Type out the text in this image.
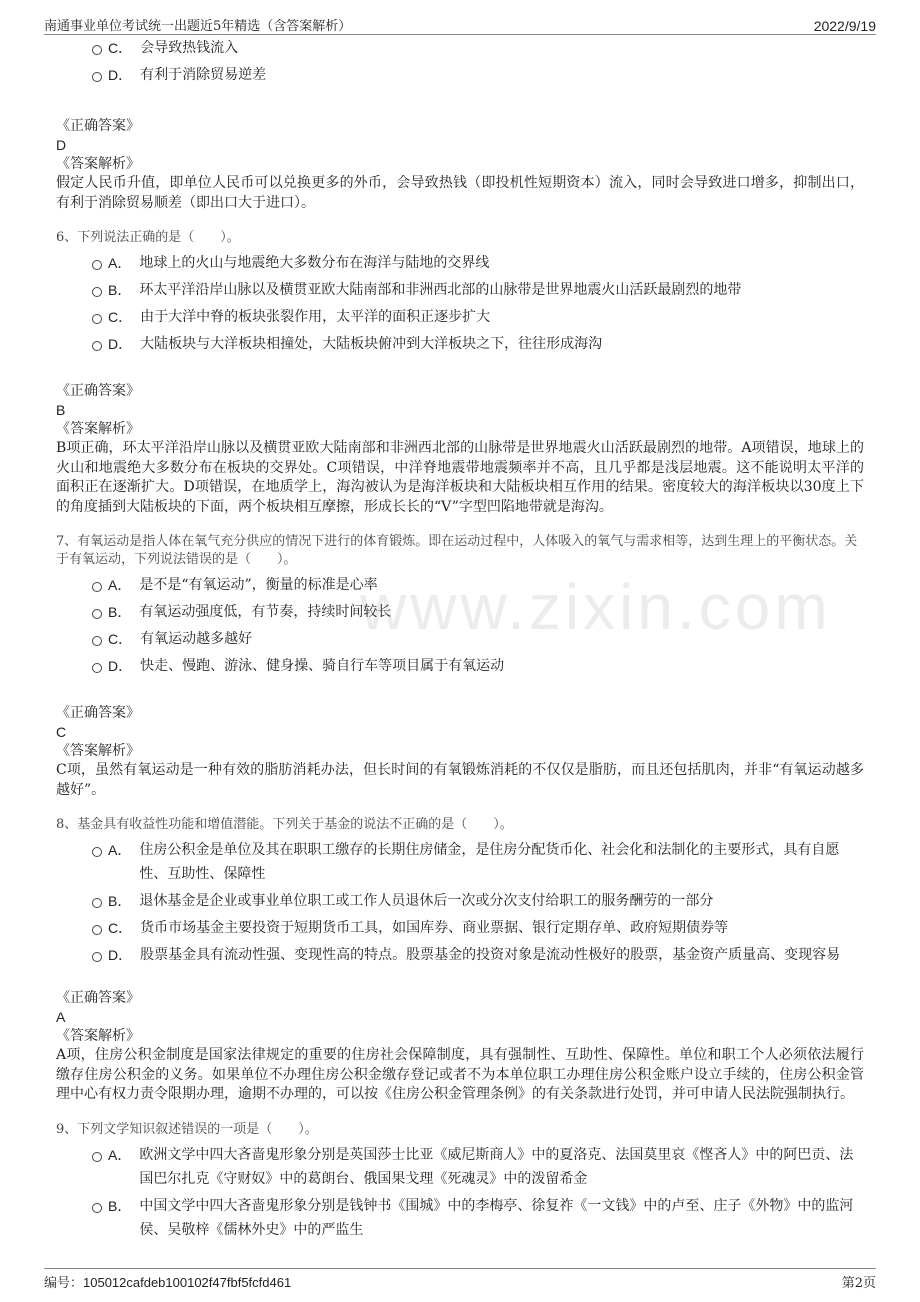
南通事业单位考试统一出题近5年精选（含答案解析）	2022/9/19
www.zixin.com
C． 会导致热钱流入
D． 有利于消除贸易逆差
《正确答案》
D
《答案解析》
假定人民币升值，即单位人民币可以兑换更多的外币，会导致热钱（即投机性短期资本）流入，同时会导致进口增多，抑制出口，有利于消除贸易顺差（即出口大于进口）。
6、下列说法正确的是（　　）。
A． 地球上的火山与地震绝大多数分布在海洋与陆地的交界线
B． 环太平洋沿岸山脉以及横贯亚欧大陆南部和非洲西北部的山脉带是世界地震火山活跃最剧烈的地带
C． 由于大洋中脊的板块张裂作用，太平洋的面积正逐步扩大
D． 大陆板块与大洋板块相撞处，大陆板块俯冲到大洋板块之下，往往形成海沟
《正确答案》
B
《答案解析》
B项正确，环太平洋沿岸山脉以及横贯亚欧大陆南部和非洲西北部的山脉带是世界地震火山活跃最剧烈的地带。A项错误，地球上的火山和地震绝大多数分布在板块的交界处。C项错误，中洋脊地震带地震频率并不高，且几乎都是浅层地震。这不能说明太平洋的面积正在逐渐扩大。D项错误，在地质学上，海沟被认为是海洋板块和大陆板块相互作用的结果。密度较大的海洋板块以30度上下的角度插到大陆板块的下面，两个板块相互摩擦，形成长长的“V”字型凹陷地带就是海沟。
7、有氧运动是指人体在氧气充分供应的情况下进行的体育锻炼。即在运动过程中，人体吸入的氧气与需求相等，达到生理上的平衡状态。关于有氧运动，下列说法错误的是（　　）。
A． 是不是“有氧运动”，衡量的标准是心率
B． 有氧运动强度低，有节奏，持续时间较长
C． 有氧运动越多越好
D． 快走、慢跑、游泳、健身操、骑自行车等项目属于有氧运动
《正确答案》
C
《答案解析》
C项，虽然有氧运动是一种有效的脂肪消耗办法，但长时间的有氧锻炼消耗的不仅仅是脂肪，而且还包括肌肉，并非“有氧运动越多越好”。
8、基金具有收益性功能和增值潜能。下列关于基金的说法不正确的是（　　）。
A． 住房公积金是单位及其在职职工缴存的长期住房储金，是住房分配货币化、社会化和法制化的主要形式，具有自愿性、互助性、保障性
B． 退休基金是企业或事业单位职工或工作人员退休后一次或分次支付给职工的服务酬劳的一部分
C． 货币市场基金主要投资于短期货币工具，如国库券、商业票据、银行定期存单、政府短期债券等
D． 股票基金具有流动性强、变现性高的特点。股票基金的投资对象是流动性极好的股票，基金资产质量高、变现容易
《正确答案》
A
《答案解析》
A项，住房公积金制度是国家法律规定的重要的住房社会保障制度，具有强制性、互助性、保障性。单位和职工个人必须依法履行缴存住房公积金的义务。如果单位不办理住房公积金缴存登记或者不为本单位职工办理住房公积金账户设立手续的，住房公积金管理中心有权力责令限期办理，逾期不办理的，可以按《住房公积金管理条例》的有关条款进行处罚，并可申请人民法院强制执行。
9、下列文学知识叙述错误的一项是（　　）。
A． 欧洲文学中四大吝啬鬼形象分别是英国莎士比亚《威尼斯商人》中的夏洛克、法国莫里哀《悭吝人》中的阿巴贡、法国巴尔扎克《守财奴》中的葛朗台、俄国果戈理《死魂灵》中的泼留希金
B． 中国文学中四大吝啬鬼形象分别是钱钟书《围城》中的李梅亭、徐复祚《一文钱》中的卢至、庄子《外物》中的监河侯、吴敬梓《儒林外史》中的严监生
编号：105012cafdeb100102f47fbf5fcfd461	第2页
